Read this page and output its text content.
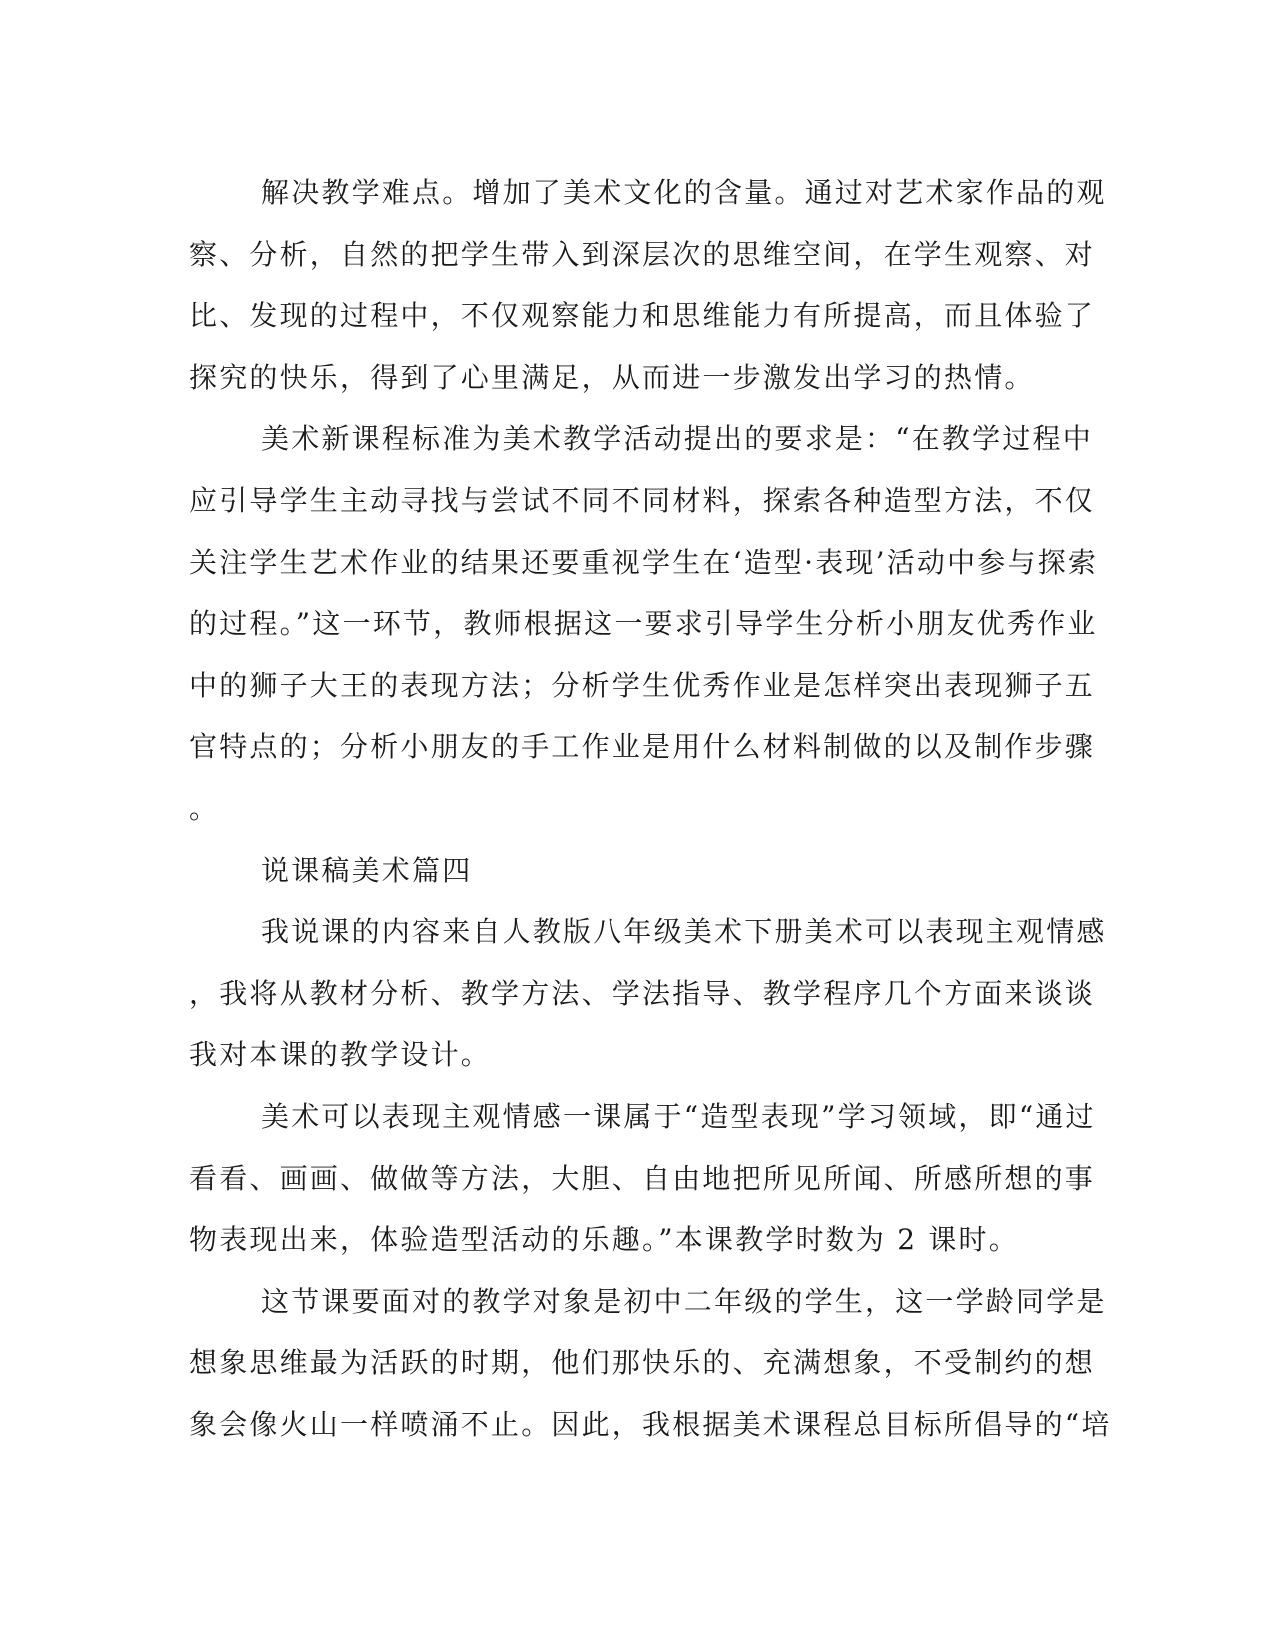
解决教学难点。增加了美术文化的含量。通过对艺术家作品的观
察、分析，自然的把学生带入到深层次的思维空间，在学生观察、对
比、发现的过程中，不仅观察能力和思维能力有所提高，而且体验了
探究的快乐，得到了心里满足，从而进一步激发出学习的热情。
美术新课程标准为美术教学活动提出的要求是：“在教学过程中
应引导学生主动寻找与尝试不同不同材料，探索各种造型方法，不仅
关注学生艺术作业的结果还要重视学生在‘造型·表现’活动中参与探索
的过程。”这一环节，教师根据这一要求引导学生分析小朋友优秀作业
中的狮子大王的表现方法；分析学生优秀作业是怎样突出表现狮子五
官特点的；分析小朋友的手工作业是用什么材料制做的以及制作步骤
。
说课稿美术篇四
我说课的内容来自人教版八年级美术下册美术可以表现主观情感
，我将从教材分析、教学方法、学法指导、教学程序几个方面来谈谈
我对本课的教学设计。
美术可以表现主观情感一课属于“造型表现”学习领域，即“通过
看看、画画、做做等方法，大胆、自由地把所见所闻、所感所想的事
物表现出来，体验造型活动的乐趣。”本课教学时数为 2 课时。
这节课要面对的教学对象是初中二年级的学生，这一学龄同学是
想象思维最为活跃的时期，他们那快乐的、充满想象，不受制约的想
象会像火山一样喷涌不止。因此，我根据美术课程总目标所倡导的“培
